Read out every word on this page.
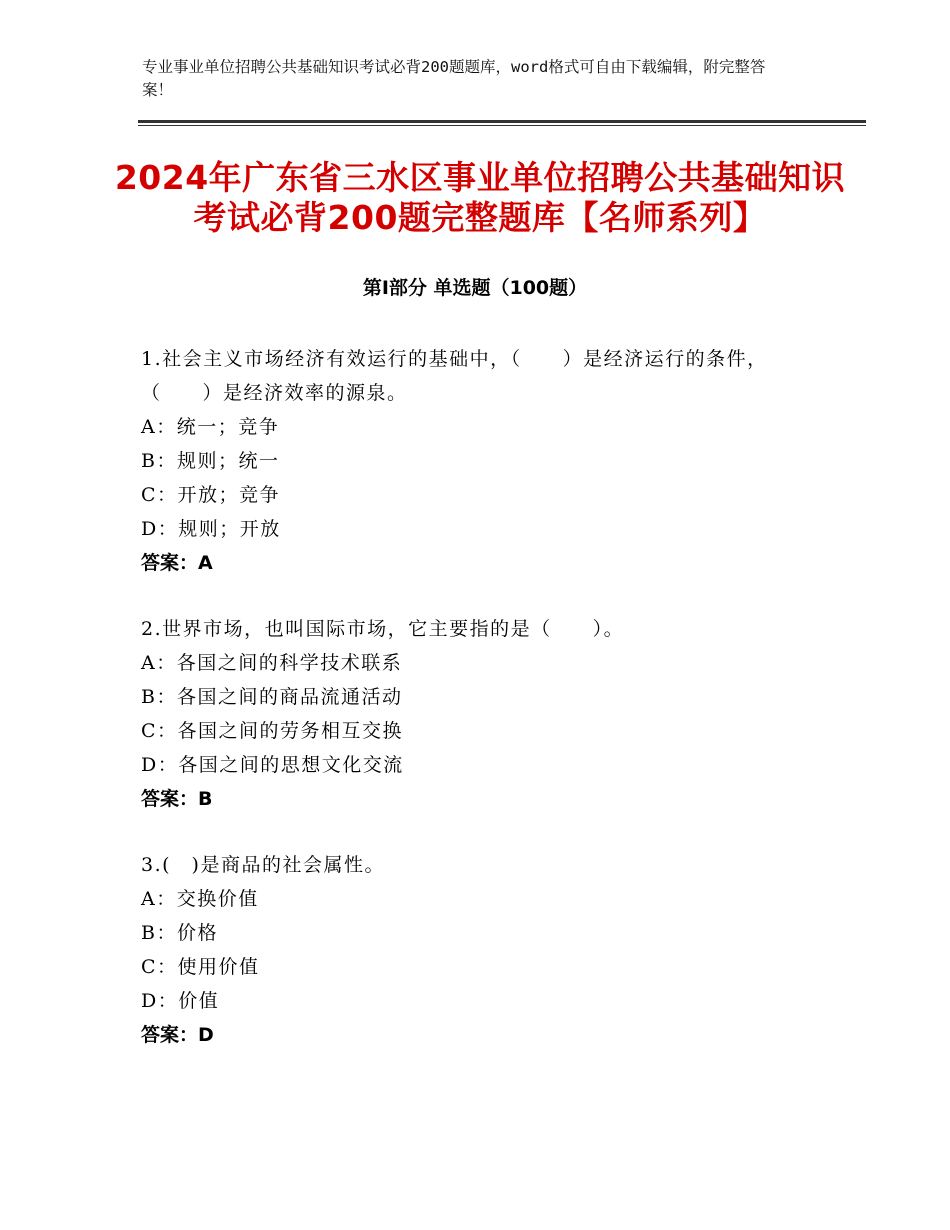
专业事业单位招聘公共基础知识考试必背200题题库，word格式可自由下载编辑，附完整答案！
2024年广东省三水区事业单位招聘公共基础知识考试必背200题完整题库【名师系列】
第Ⅰ部分 单选题（100题）
1.社会主义市场经济有效运行的基础中，（　　）是经济运行的条件，（　　）是经济效率的源泉。
A：统一；竞争
B：规则；统一
C：开放；竞争
D：规则；开放
答案：A
2.世界市场，也叫国际市场，它主要指的是（　　）。
A：各国之间的科学技术联系
B：各国之间的商品流通活动
C：各国之间的劳务相互交换
D：各国之间的思想文化交流
答案：B
3.(　)是商品的社会属性。
A：交换价值
B：价格
C：使用价值
D：价值
答案：D
